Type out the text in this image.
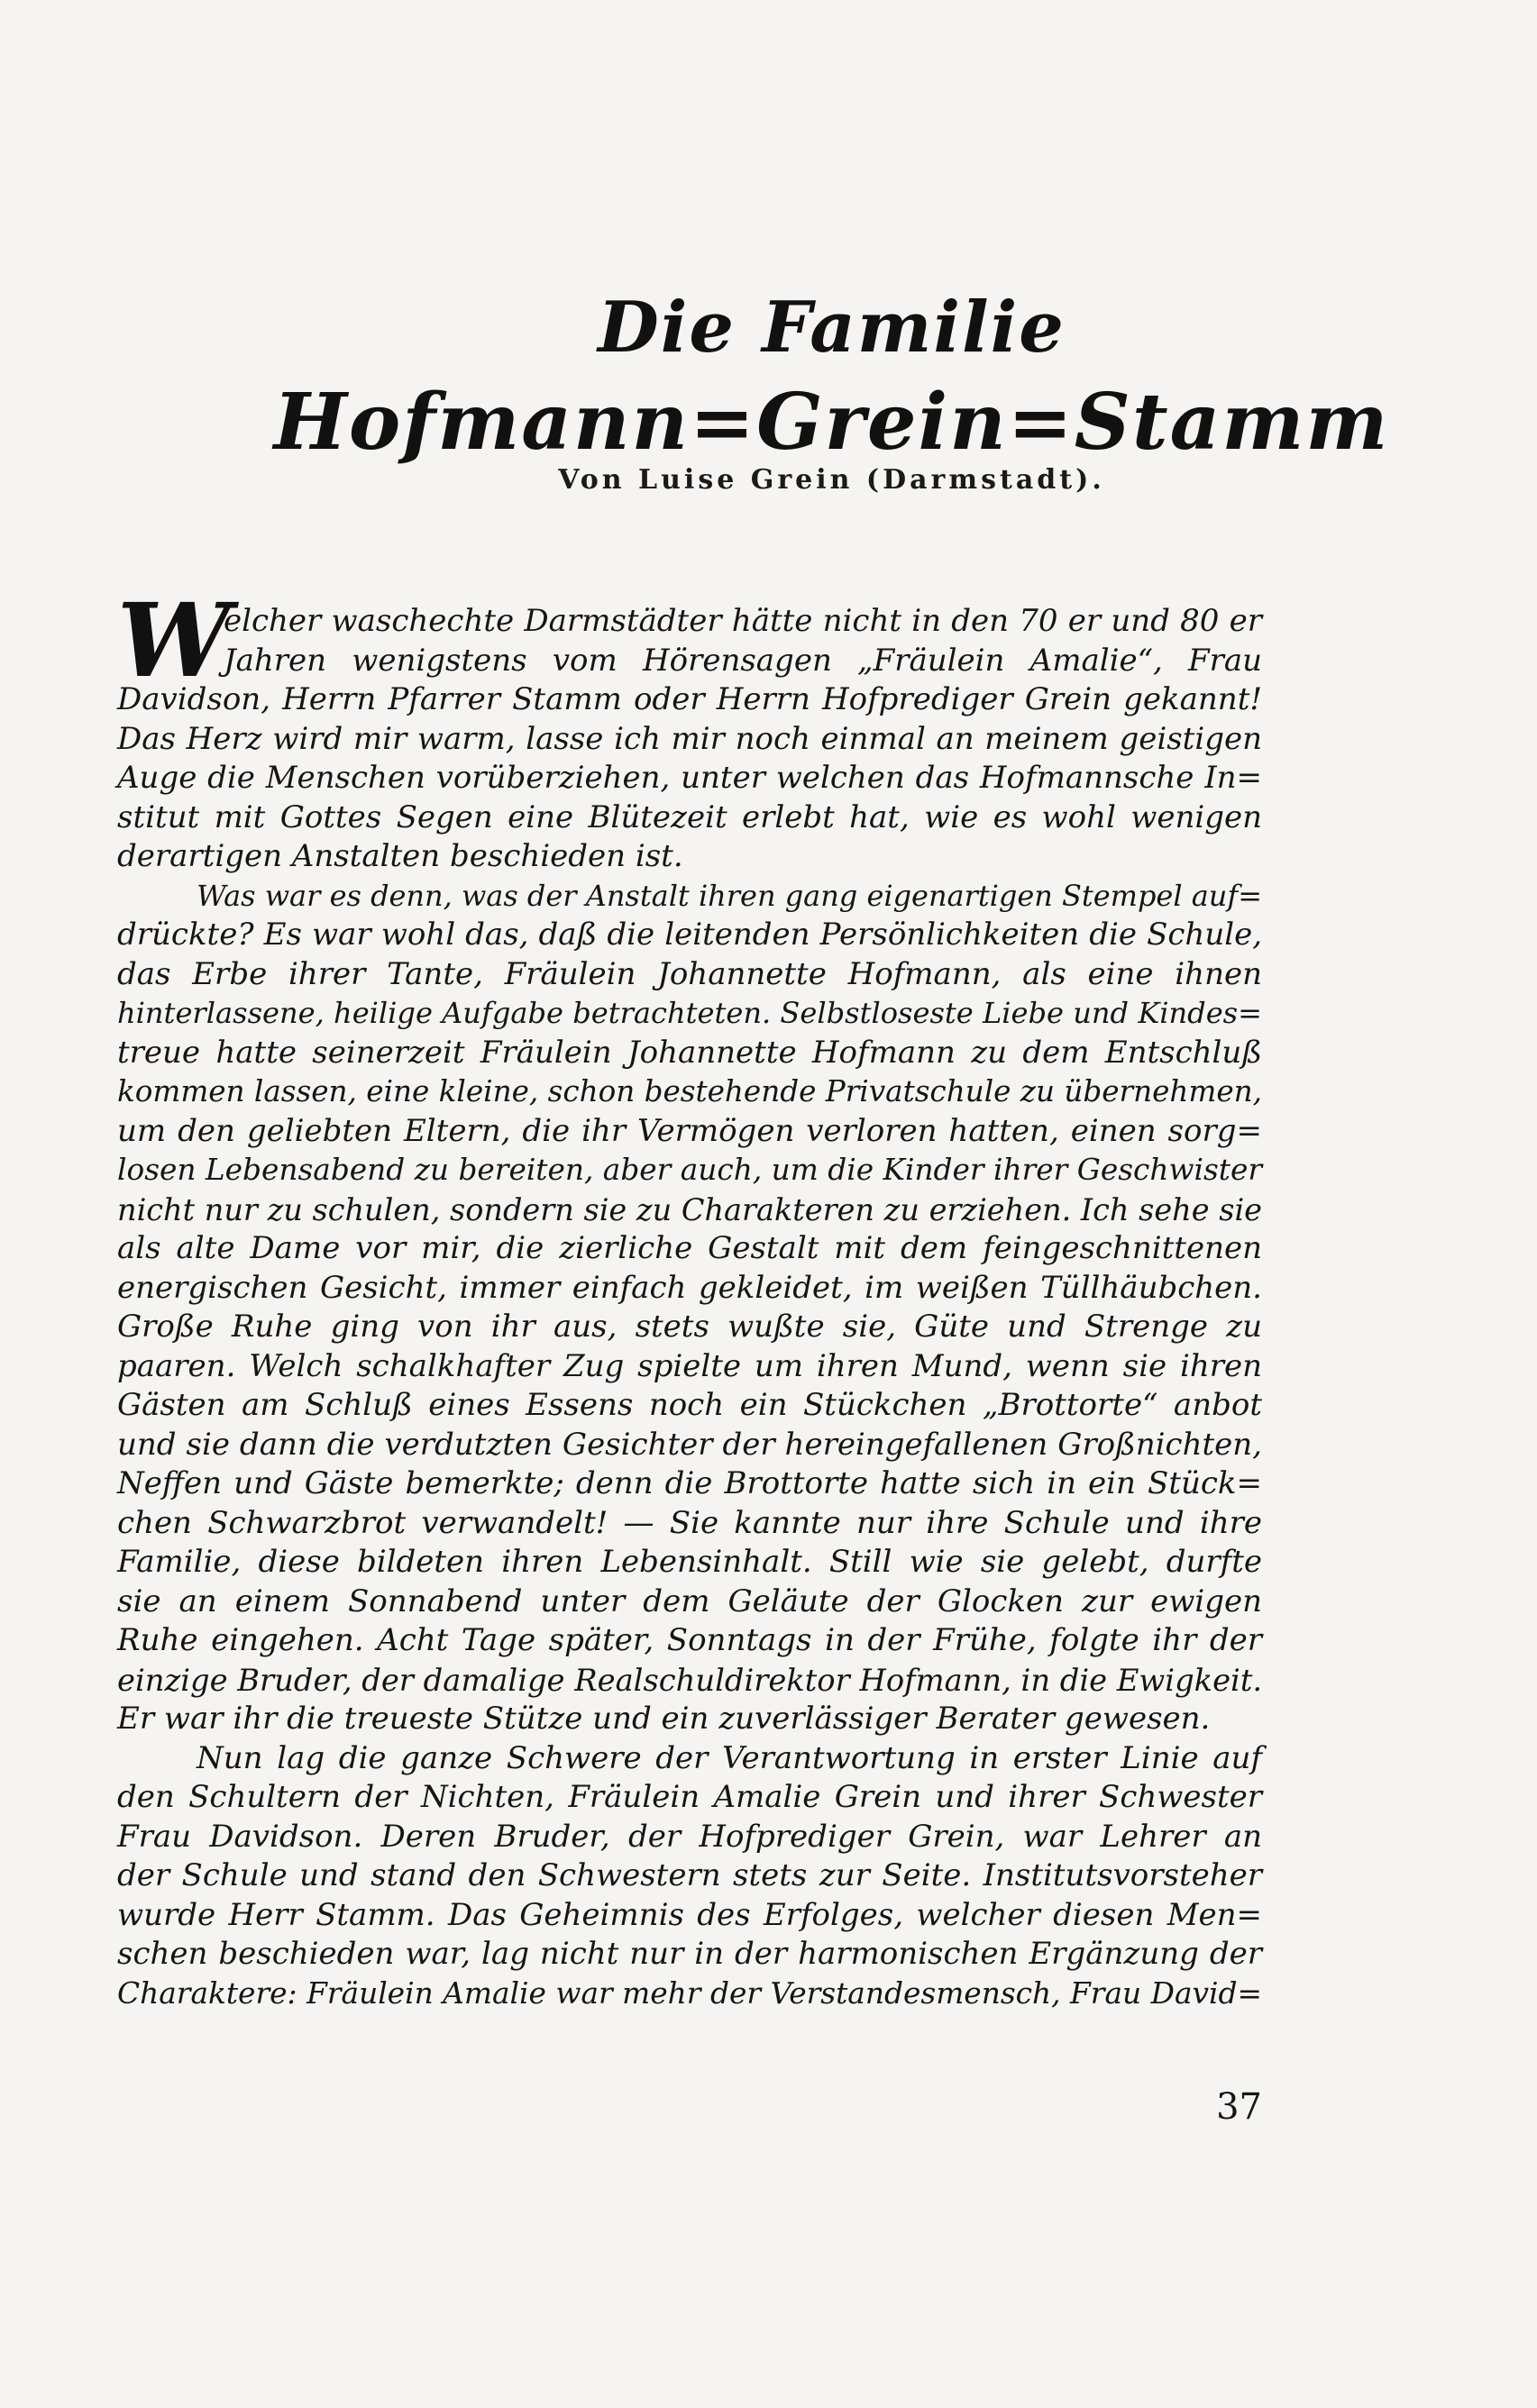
Die Familie
Hofmann=Grein=Stamm
Von Luise Grein (Darmstadt).
W
elcher waschechte Darmstädter hätte nicht in den 70 er und 80 er
Jahren wenigstens vom Hörensagen „Fräulein Amalie“, Frau
Davidson, Herrn Pfarrer Stamm oder Herrn Hofprediger Grein gekannt!
Das Herz wird mir warm, lasse ich mir noch einmal an meinem geistigen
Auge die Menschen vorüberziehen, unter welchen das Hofmannsche In=
stitut mit Gottes Segen eine Blütezeit erlebt hat, wie es wohl wenigen
derartigen Anstalten beschieden ist.
Was war es denn, was der Anstalt ihren gang eigenartigen Stempel auf=
drückte? Es war wohl das, daß die leitenden Persönlichkeiten die Schule,
das Erbe ihrer Tante, Fräulein Johannette Hofmann, als eine ihnen
hinterlassene, heilige Aufgabe betrachteten. Selbstloseste Liebe und Kindes=
treue hatte seinerzeit Fräulein Johannette Hofmann zu dem Entschluß
kommen lassen, eine kleine, schon bestehende Privatschule zu übernehmen,
um den geliebten Eltern, die ihr Vermögen verloren hatten, einen sorg=
losen Lebensabend zu bereiten, aber auch, um die Kinder ihrer Geschwister
nicht nur zu schulen, sondern sie zu Charakteren zu erziehen. Ich sehe sie
als alte Dame vor mir, die zierliche Gestalt mit dem feingeschnittenen
energischen Gesicht, immer einfach gekleidet, im weißen Tüllhäubchen.
Große Ruhe ging von ihr aus, stets wußte sie, Güte und Strenge zu
paaren. Welch schalkhafter Zug spielte um ihren Mund, wenn sie ihren
Gästen am Schluß eines Essens noch ein Stückchen „Brottorte“ anbot
und sie dann die verdutzten Gesichter der hereingefallenen Großnichten,
Neffen und Gäste bemerkte; denn die Brottorte hatte sich in ein Stück=
chen Schwarzbrot verwandelt! — Sie kannte nur ihre Schule und ihre
Familie, diese bildeten ihren Lebensinhalt. Still wie sie gelebt, durfte
sie an einem Sonnabend unter dem Geläute der Glocken zur ewigen
Ruhe eingehen. Acht Tage später, Sonntags in der Frühe, folgte ihr der
einzige Bruder, der damalige Realschuldirektor Hofmann, in die Ewigkeit.
Er war ihr die treueste Stütze und ein zuverlässiger Berater gewesen.
Nun lag die ganze Schwere der Verantwortung in erster Linie auf
den Schultern der Nichten, Fräulein Amalie Grein und ihrer Schwester
Frau Davidson. Deren Bruder, der Hofprediger Grein, war Lehrer an
der Schule und stand den Schwestern stets zur Seite. Institutsvorsteher
wurde Herr Stamm. Das Geheimnis des Erfolges, welcher diesen Men=
schen beschieden war, lag nicht nur in der harmonischen Ergänzung der
Charaktere: Fräulein Amalie war mehr der Verstandesmensch, Frau David=
37
